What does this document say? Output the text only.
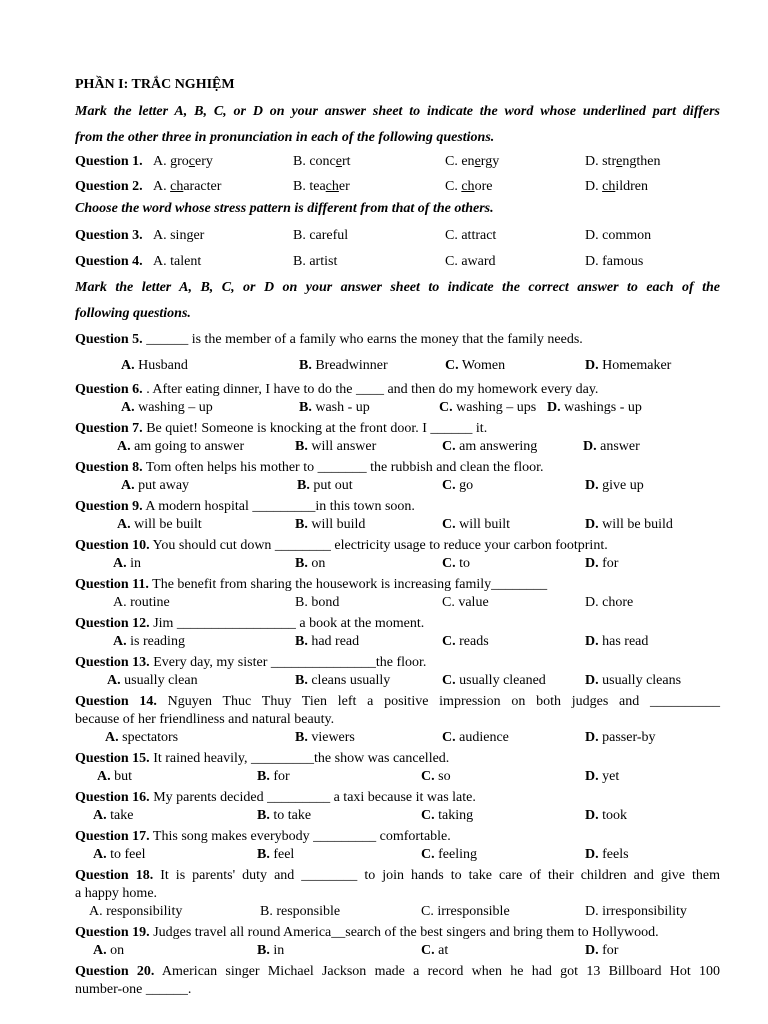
PHẦN I: TRẮC NGHIỆM
Mark the letter A, B, C, or D on your answer sheet to indicate the word whose underlined part differs
from the other three in pronunciation in each of the following questions.
Question 1. A. grocery	B. concert	C. energy	D. strengthen
Question 2. A. character	B. teacher	C. chore	D. children
Choose the word whose stress pattern is different from that of the others.
Question 3. A. singer	B. careful	C. attract	D. common
Question 4. A. talent	B. artist	C. award	D. famous
Mark the letter A, B, C, or D on your answer sheet to indicate the correct answer to each of the
following questions.
Question 5. ______ is the member of a family who earns the money that the family needs.
A. Husband	B. Breadwinner	C. Women	D. Homemaker
Question 6. . After eating dinner, I have to do the ____ and then do my homework every day.
A. washing – up	B. wash - up	C. washing – ups D. washings - up
Question 7. Be quiet! Someone is knocking at the front door. I ______ it.
A. am going to answer	B. will answer	C. am answering	D. answer
Question 8. Tom often helps his mother to _______ the rubbish and clean the floor.
A. put away	B. put out	C. go	D. give up
Question 9. A modern hospital _________in this town soon.
A. will be built	B. will build	C. will built	D. will be build
Question 10. You should cut down ________ electricity usage to reduce your carbon footprint.
A. in	B. on	C. to	D. for
Question 11. The benefit from sharing the housework is increasing family________
A. routine	B. bond	C. value	D. chore
Question 12. Jim _________________ a book at the moment.
A. is reading	B. had read	C. reads	D. has read
Question 13. Every day, my sister _______________the floor.
A. usually clean	B. cleans usually	C. usually cleaned	D. usually cleans
Question 14. Nguyen Thuc Thuy Tien left a positive impression on both judges and __________
because of her friendliness and natural beauty.
A. spectators	B. viewers	C. audience	D. passer-by
Question 15. It rained heavily, _________the show was cancelled.
A. but	B. for	C. so	D. yet
Question 16. My parents decided _________ a taxi because it was late.
A. take	B. to take	C. taking	D. took
Question 17. This song makes everybody _________ comfortable.
A. to feel	B. feel	C. feeling	D. feels
Question 18. It is parents' duty and ________ to join hands to take care of their children and give them
a happy home.
A. responsibility	B. responsible	C. irresponsible	D. irresponsibility
Question 19. Judges travel all round America__search of the best singers and bring them to Hollywood.
A. on	B. in	C. at	D. for
Question 20. American singer Michael Jackson made a record when he had got 13 Billboard Hot 100
number-one ______.
